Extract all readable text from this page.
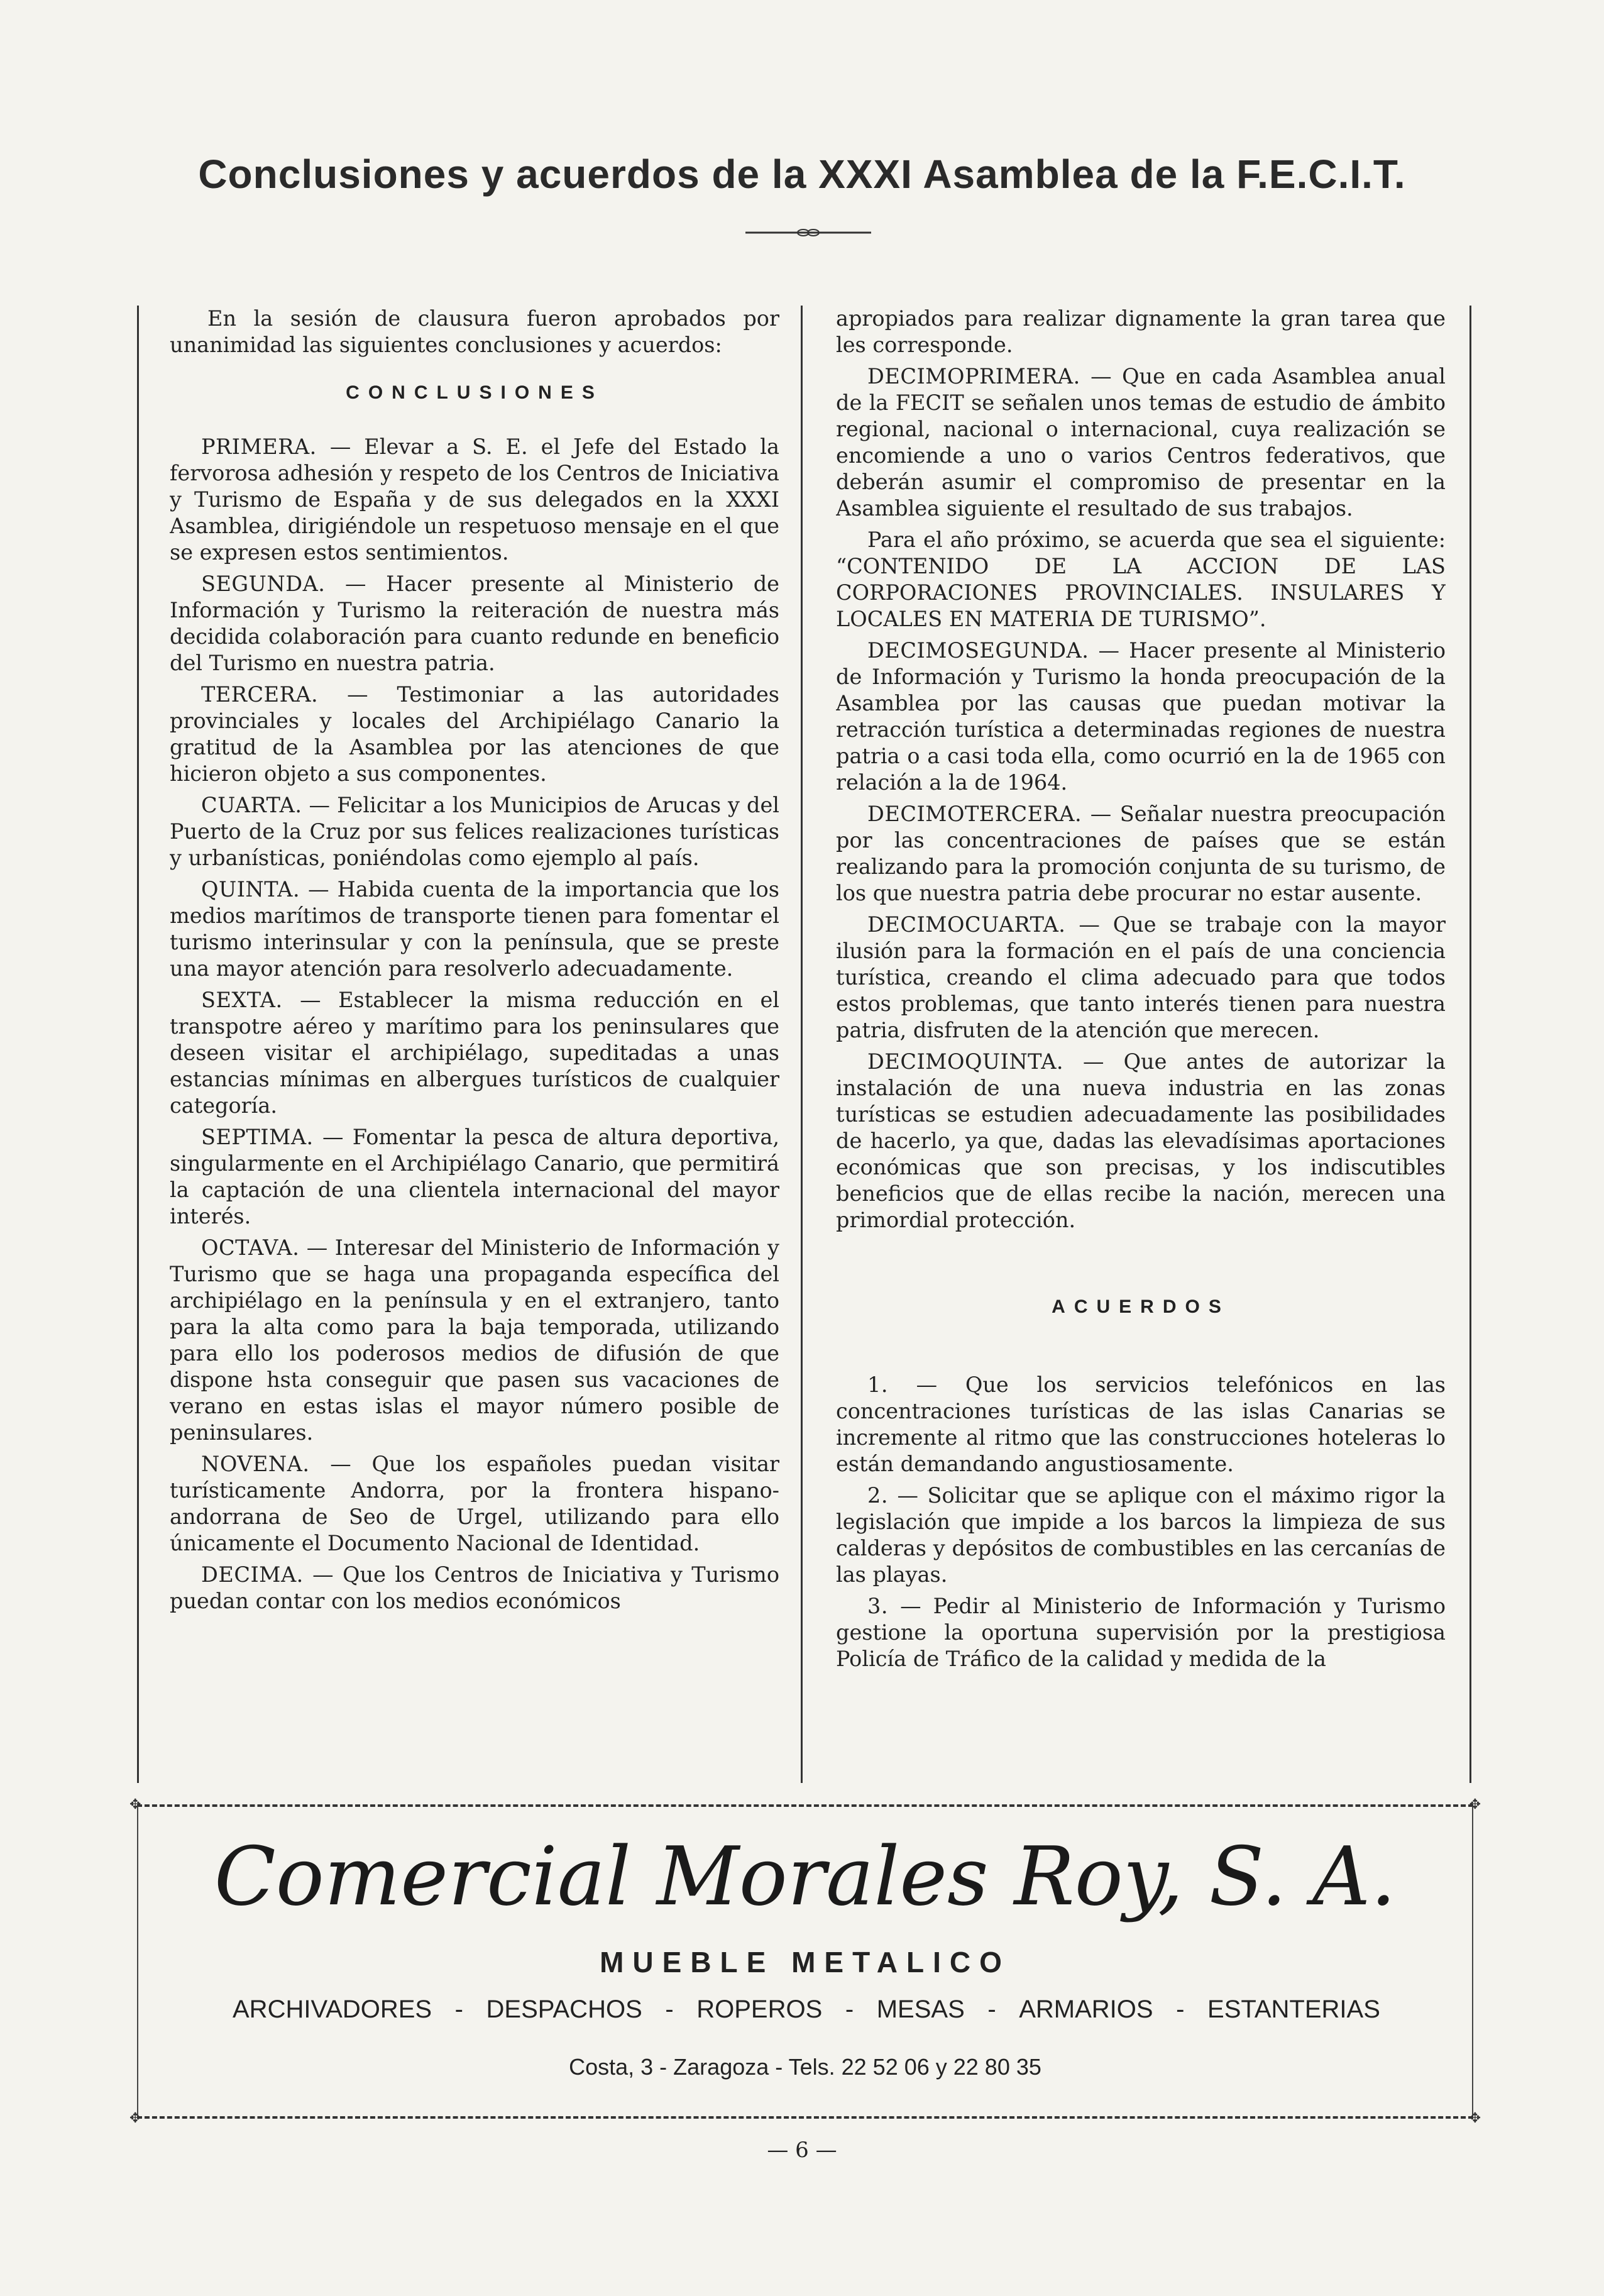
Conclusiones y acuerdos de la XXXI Asamblea de la F.E.C.I.T.

En la sesión de clausura fueron aprobados por unanimidad las siguientes conclusiones y acuerdos:

CONCLUSIONES

PRIMERA. — Elevar a S. E. el Jefe del Estado la fervorosa adhesión y respeto de los Centros de Iniciativa y Turismo de España y de sus delegados en la XXXI Asamblea, dirigiéndole un respetuoso mensaje en el que se expresen estos sentimientos.

SEGUNDA. — Hacer presente al Ministerio de Información y Turismo la reiteración de nuestra más decidida colaboración para cuanto redunde en beneficio del Turismo en nuestra patria.

TERCERA. — Testimoniar a las autoridades provinciales y locales del Archipiélago Canario la gratitud de la Asamblea por las atenciones de que hicieron objeto a sus componentes.

CUARTA. — Felicitar a los Municipios de Arucas y del Puerto de la Cruz por sus felices realizaciones turísticas y urbanísticas, poniéndolas como ejemplo al país.

QUINTA. — Habida cuenta de la importancia que los medios marítimos de transporte tienen para fomentar el turismo interinsular y con la península, que se preste una mayor atención para resolverlo adecuadamente.

SEXTA. — Establecer la misma reducción en el transpotre aéreo y marítimo para los peninsulares que deseen visitar el archipiélago, supeditadas a unas estancias mínimas en albergues turísticos de cualquier categoría.

SEPTIMA. — Fomentar la pesca de altura deportiva, singularmente en el Archipiélago Canario, que permitirá la captación de una clientela internacional del mayor interés.

OCTAVA. — Interesar del Ministerio de Información y Turismo que se haga una propaganda específica del archipiélago en la península y en el extranjero, tanto para la alta como para la baja temporada, utilizando para ello los poderosos medios de difusión de que dispone hsta conseguir que pasen sus vacaciones de verano en estas islas el mayor número posible de peninsulares.

NOVENA. — Que los españoles puedan visitar turísticamente Andorra, por la frontera hispano-andorrana de Seo de Urgel, utilizando para ello únicamente el Documento Nacional de Identidad.

DECIMA. — Que los Centros de Iniciativa y Turismo puedan contar con los medios económicos

apropiados para realizar dignamente la gran tarea que les corresponde.

DECIMOPRIMERA. — Que en cada Asamblea anual de la FECIT se señalen unos temas de estudio de ámbito regional, nacional o internacional, cuya realización se encomiende a uno o varios Centros federativos, que deberán asumir el compromiso de presentar en la Asamblea siguiente el resultado de sus trabajos.

Para el año próximo, se acuerda que sea el siguiente: “CONTENIDO DE LA ACCION DE LAS CORPORACIONES PROVINCIALES. INSULARES Y LOCALES EN MATERIA DE TURISMO”.

DECIMOSEGUNDA. — Hacer presente al Ministerio de Información y Turismo la honda preocupación de la Asamblea por las causas que puedan motivar la retracción turística a determinadas regiones de nuestra patria o a casi toda ella, como ocurrió en la de 1965 con relación a la de 1964.

DECIMOTERCERA. — Señalar nuestra preocupación por las concentraciones de países que se están realizando para la promoción conjunta de su turismo, de los que nuestra patria debe procurar no estar ausente.

DECIMOCUARTA. — Que se trabaje con la mayor ilusión para la formación en el país de una conciencia turística, creando el clima adecuado para que todos estos problemas, que tanto interés tienen para nuestra patria, disfruten de la atención que merecen.

DECIMOQUINTA. — Que antes de autorizar la instalación de una nueva industria en las zonas turísticas se estudien adecuadamente las posibilidades de hacerlo, ya que, dadas las elevadísimas aportaciones económicas que son precisas, y los indiscutibles beneficios que de ellas recibe la nación, merecen una primordial protección.

ACUERDOS

1. — Que los servicios telefónicos en las concentraciones turísticas de las islas Canarias se incremente al ritmo que las construcciones hoteleras lo están demandando angustiosamente.

2. — Solicitar que se aplique con el máximo rigor la legislación que impide a los barcos la limpieza de sus calderas y depósitos de combustibles en las cercanías de las playas.

3. — Pedir al Ministerio de Información y Turismo gestione la oportuna supervisión por la prestigiosa Policía de Tráfico de la calidad y medida de la

✥	✥
✥	✥
Comercial Morales Roy, S. A.
MUEBLE METALICO
ARCHIVADORES - DESPACHOS - ROPEROS - MESAS - ARMARIOS - ESTANTERIAS
Costa, 3 - Zaragoza - Tels. 22 52 06 y 22 80 35
— 6 —
